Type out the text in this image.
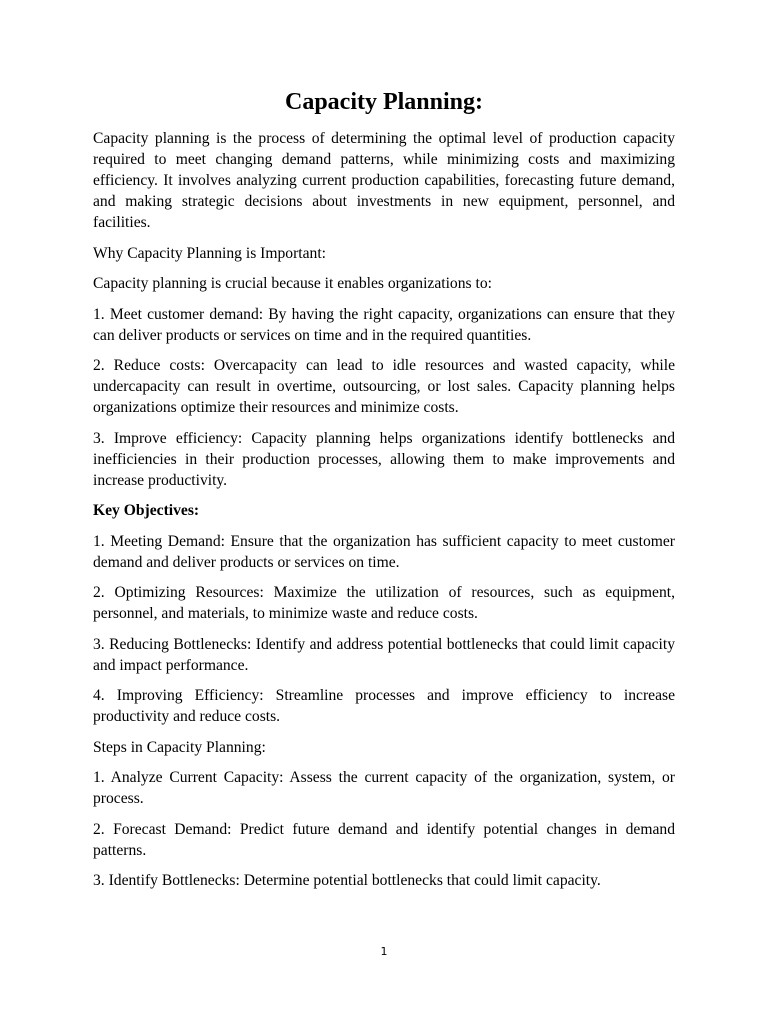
Capacity Planning:

Capacity planning is the process of determining the optimal level of production capacity required to meet changing demand patterns, while minimizing costs and maximizing efficiency. It involves analyzing current production capabilities, forecasting future demand, and making strategic decisions about investments in new equipment, personnel, and facilities.

Why Capacity Planning is Important:

Capacity planning is crucial because it enables organizations to:

1. Meet customer demand: By having the right capacity, organizations can ensure that they can deliver products or services on time and in the required quantities.

2. Reduce costs: Overcapacity can lead to idle resources and wasted capacity, while undercapacity can result in overtime, outsourcing, or lost sales. Capacity planning helps organizations optimize their resources and minimize costs.

3. Improve efficiency: Capacity planning helps organizations identify bottlenecks and inefficiencies in their production processes, allowing them to make improvements and increase productivity.

Key Objectives:

1. Meeting Demand: Ensure that the organization has sufficient capacity to meet customer demand and deliver products or services on time.

2. Optimizing Resources: Maximize the utilization of resources, such as equipment, personnel, and materials, to minimize waste and reduce costs.

3. Reducing Bottlenecks: Identify and address potential bottlenecks that could limit capacity and impact performance.

4. Improving Efficiency: Streamline processes and improve efficiency to increase productivity and reduce costs.

Steps in Capacity Planning:

1. Analyze Current Capacity: Assess the current capacity of the organization, system, or process.

2. Forecast Demand: Predict future demand and identify potential changes in demand patterns.

3. Identify Bottlenecks: Determine potential bottlenecks that could limit capacity.

1
